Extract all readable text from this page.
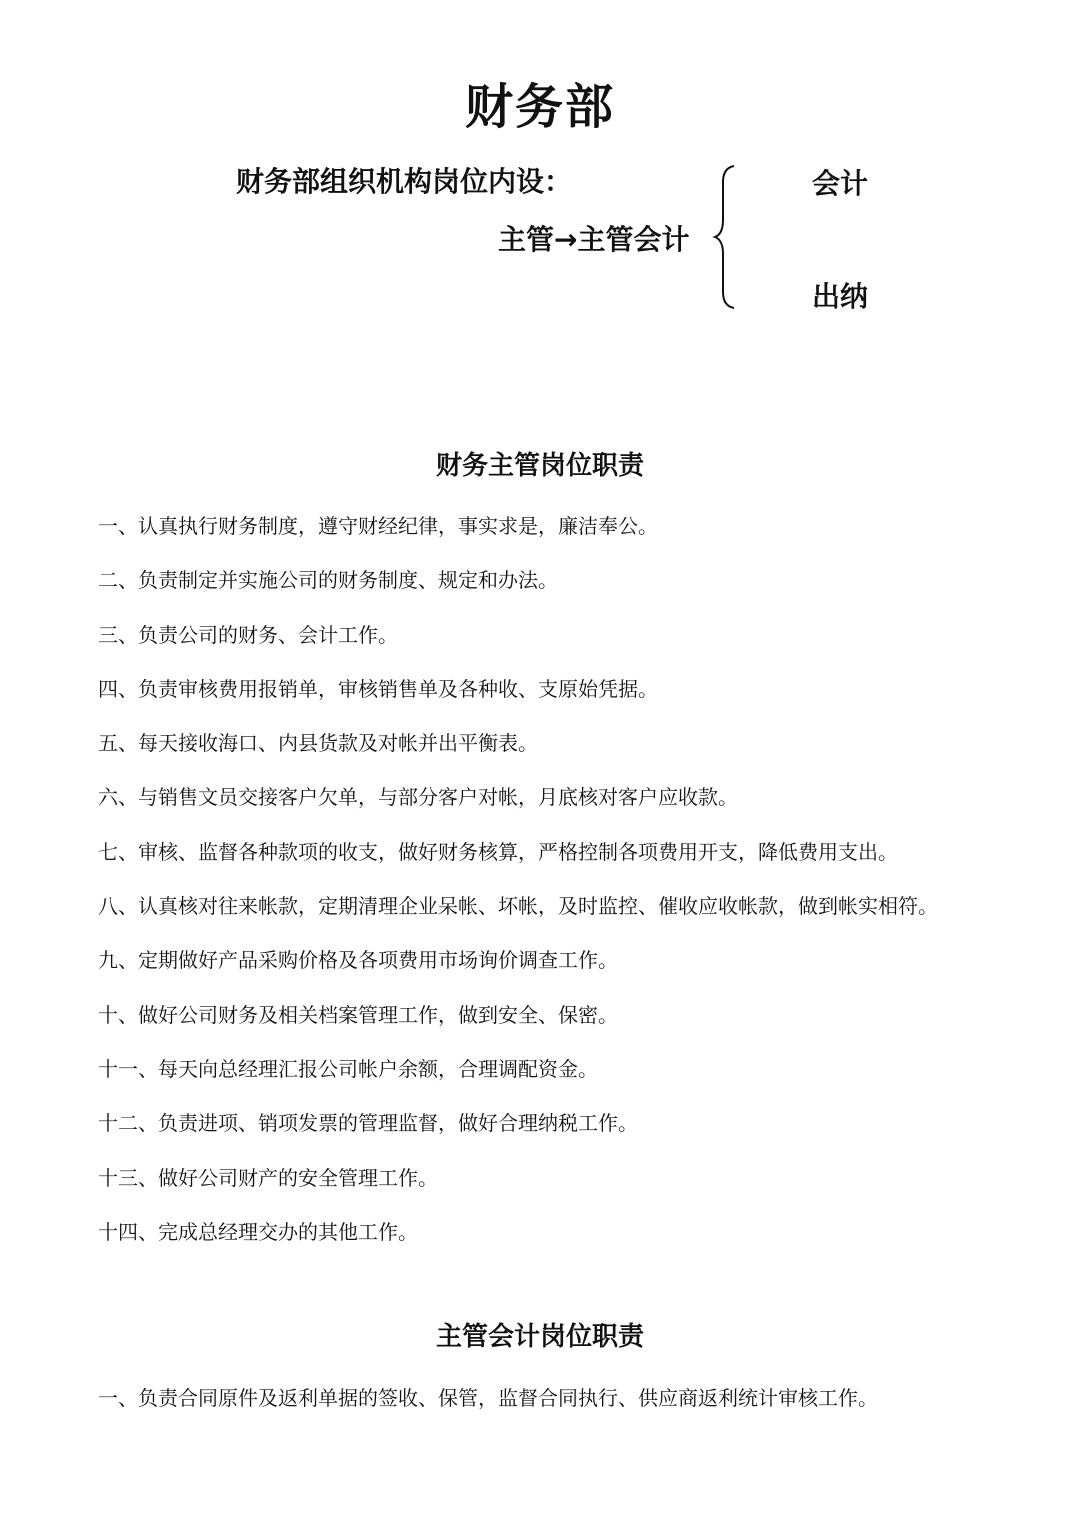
财务部
财务部组织机构岗位内设：
主管→主管会计
会计
出纳
财务主管岗位职责
一、认真执行财务制度，遵守财经纪律，事实求是，廉洁奉公。
二、负责制定并实施公司的财务制度、规定和办法。
三、负责公司的财务、会计工作。
四、负责审核费用报销单，审核销售单及各种收、支原始凭据。
五、每天接收海口、内县货款及对帐并出平衡表。
六、与销售文员交接客户欠单，与部分客户对帐，月底核对客户应收款。
七、审核、监督各种款项的收支，做好财务核算，严格控制各项费用开支，降低费用支出。
八、认真核对往来帐款，定期清理企业呆帐、坏帐，及时监控、催收应收帐款，做到帐实相符。
九、定期做好产品采购价格及各项费用市场询价调查工作。
十、做好公司财务及相关档案管理工作，做到安全、保密。
十一、每天向总经理汇报公司帐户余额，合理调配资金。
十二、负责进项、销项发票的管理监督，做好合理纳税工作。
十三、做好公司财产的安全管理工作。
十四、完成总经理交办的其他工作。
主管会计岗位职责
一、负责合同原件及返利单据的签收、保管，监督合同执行、供应商返利统计审核工作。
